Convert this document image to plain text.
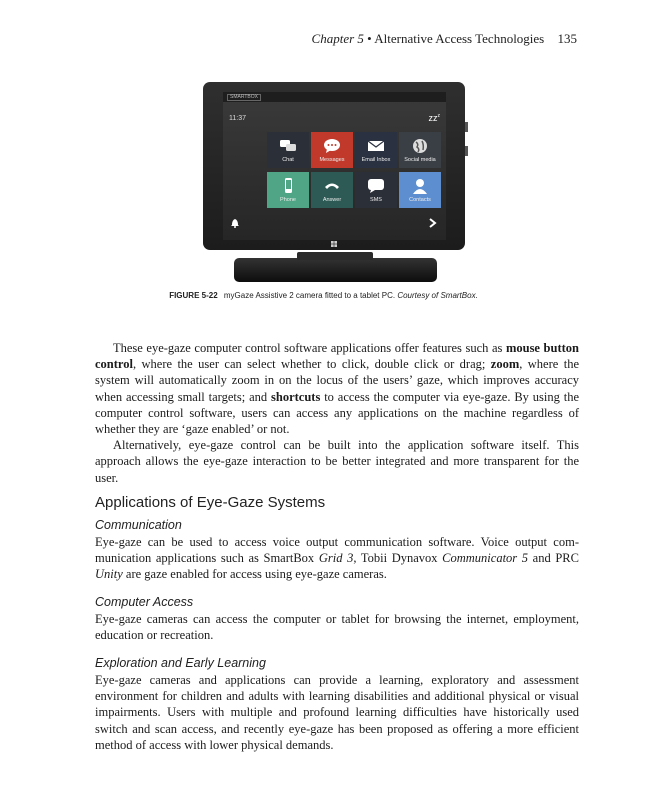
Chapter 5 • Alternative Access Technologies 135
SMARTBOX
11:37	$zz^z$
Chat	Messages	Email Inbox	Social media
Phone	Answer	SMS	Contacts
FIGURE 5-22 myGaze Assistive 2 camera fitted to a tablet PC. Courtesy of SmartBox.

These eye-gaze computer control software applications offer features such as mouse button control, where the user can select whether to click, double click or drag; zoom, where the system will automatically zoom in on the locus of the users’ gaze, which improves accuracy when accessing small targets; and shortcuts to access the computer via eye-gaze. By using the computer control software, users can access any applications on the machine regardless of whether they are ‘gaze enabled’ or not.

Alternatively, eye-gaze control can be built into the application software itself. This approach allows the eye-gaze interaction to be better integrated and more transparent for the user.

Applications of Eye-Gaze Systems
Communication

Eye-gaze can be used to access voice output communication software. Voice output communication applications such as SmartBox Grid 3, Tobii Dynavox Communicator 5 and PRC Unity are gaze enabled for access using eye-gaze cameras.

Computer Access

Eye-gaze cameras can access the computer or tablet for browsing the internet, employment, education or recreation.

Exploration and Early Learning

Eye-gaze cameras and applications can provide a learning, exploratory and assessment environment for children and adults with learning disabilities and additional physical or visual impairments. Users with multiple and profound learning difficulties have historically used switch and scan access, and recently eye-gaze has been proposed as offering a more efficient method of access with lower physical demands.
